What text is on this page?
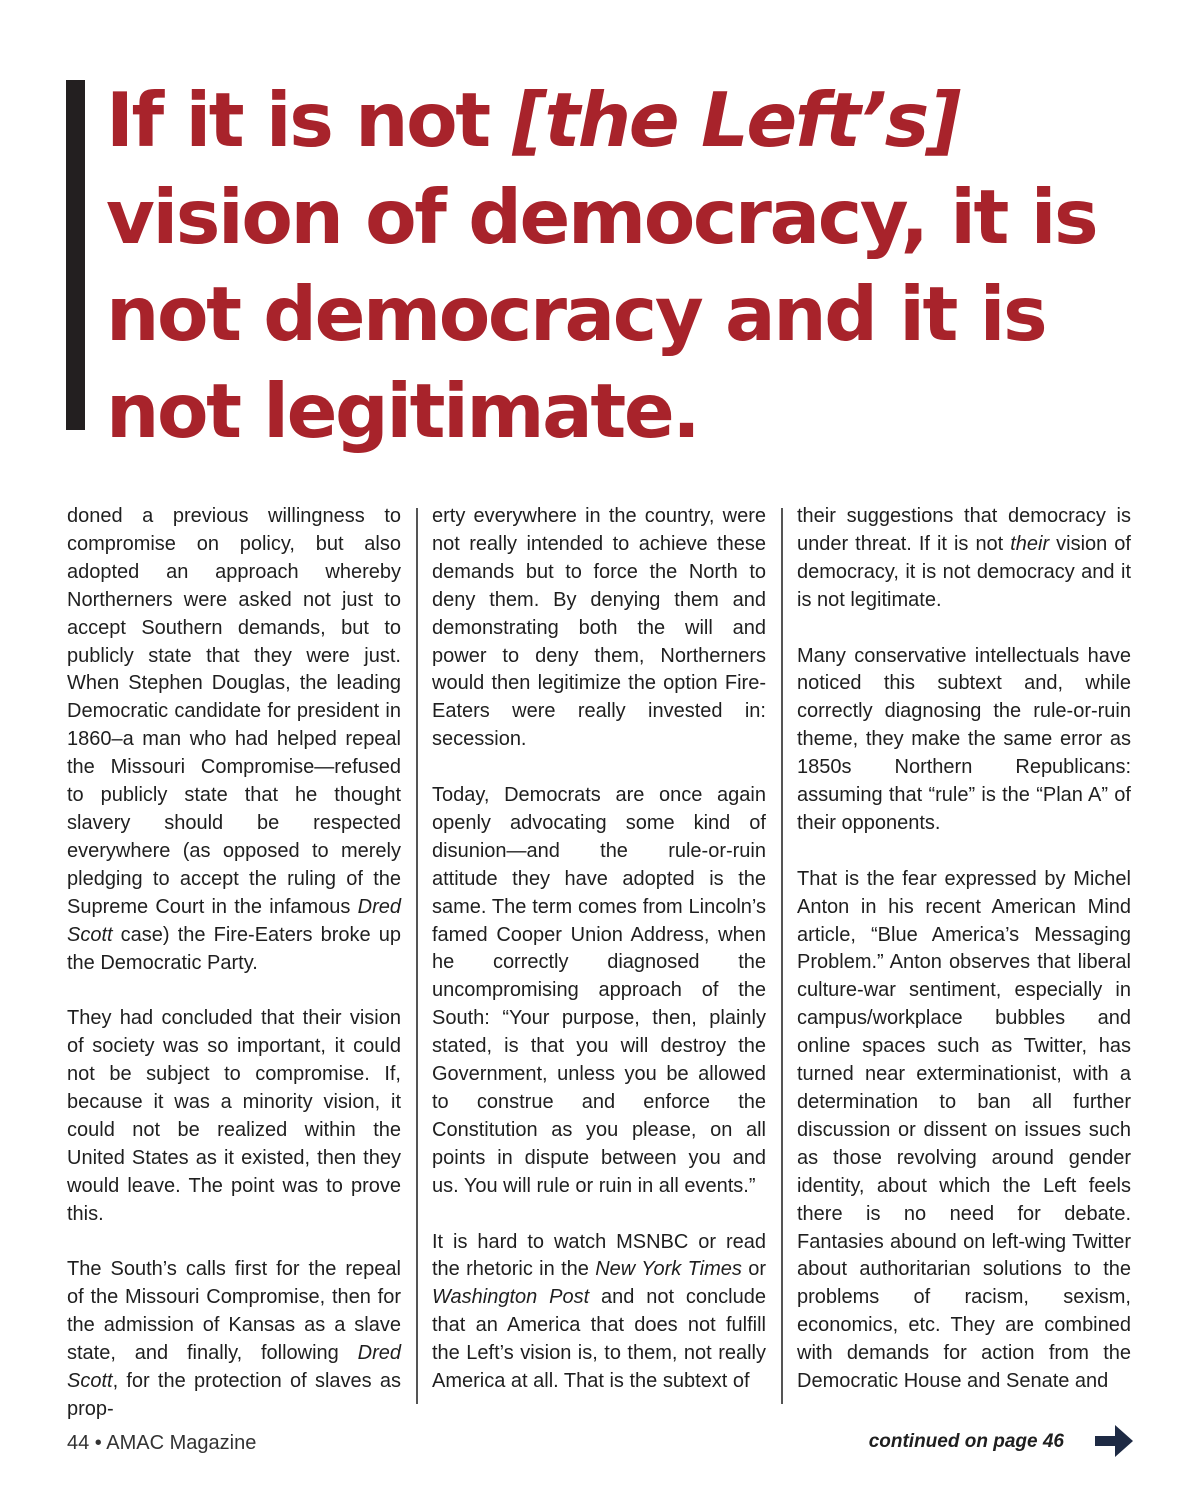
If it is not [the Left’s]
vision of democracy, it is
not democracy and it is
not legitimate.

doned a previous willingness to compromise on policy, but also adopted an approach whereby Northerners were asked not just to accept Southern demands, but to publicly state that they were just. When Stephen Douglas, the leading Democratic candidate for president in 1860–a man who had helped repeal the Missouri Compromise—refused to publicly state that he thought slavery should be respected everywhere (as opposed to merely pledging to accept the ruling of the Supreme Court in the infamous Dred Scott case) the Fire-Eaters broke up the Democratic Party.

They had concluded that their vision of society was so important, it could not be subject to compromise. If, because it was a minority vision, it could not be realized within the United States as it existed, then they would leave. The point was to prove this.

The South’s calls first for the repeal of the Missouri Compromise, then for the admission of Kansas as a slave state, and finally, following Dred Scott, for the protection of slaves as prop-

erty everywhere in the country, were not really intended to achieve these demands but to force the North to deny them. By denying them and demonstrating both the will and power to deny them, Northerners would then legitimize the option Fire-Eaters were really invested in: secession.

Today, Democrats are once again openly advocating some kind of disunion—and the rule-or-ruin attitude they have adopted is the same. The term comes from Lincoln’s famed Cooper Union Address, when he correctly diagnosed the uncompromising approach of the South: “Your purpose, then, plainly stated, is that you will destroy the Government, unless you be allowed to construe and enforce the Constitution as you please, on all points in dispute between you and us. You will rule or ruin in all events.”

It is hard to watch MSNBC or read the rhetoric in the New York Times or Washington Post and not conclude that an America that does not fulfill the Left’s vision is, to them, not really America at all. That is the subtext of

their suggestions that democracy is under threat. If it is not their vision of democracy, it is not democracy and it is not legitimate.

Many conservative intellectuals have noticed this subtext and, while correctly diagnosing the rule-or-ruin theme, they make the same error as 1850s Northern Republicans: assuming that “rule” is the “Plan A” of their opponents.

That is the fear expressed by Michel Anton in his recent American Mind article, “Blue America’s Messaging Problem.” Anton observes that liberal culture-war sentiment, especially in campus/workplace bubbles and online spaces such as Twitter, has turned near exterminationist, with a determination to ban all further discussion or dissent on issues such as those revolving around gender identity, about which the Left feels there is no need for debate. Fantasies abound on left-wing Twitter about authoritarian solutions to the problems of racism, sexism, economics, etc. They are combined with demands for action from the Democratic House and Senate and

44 • AMAC Magazine	continued on page 46
